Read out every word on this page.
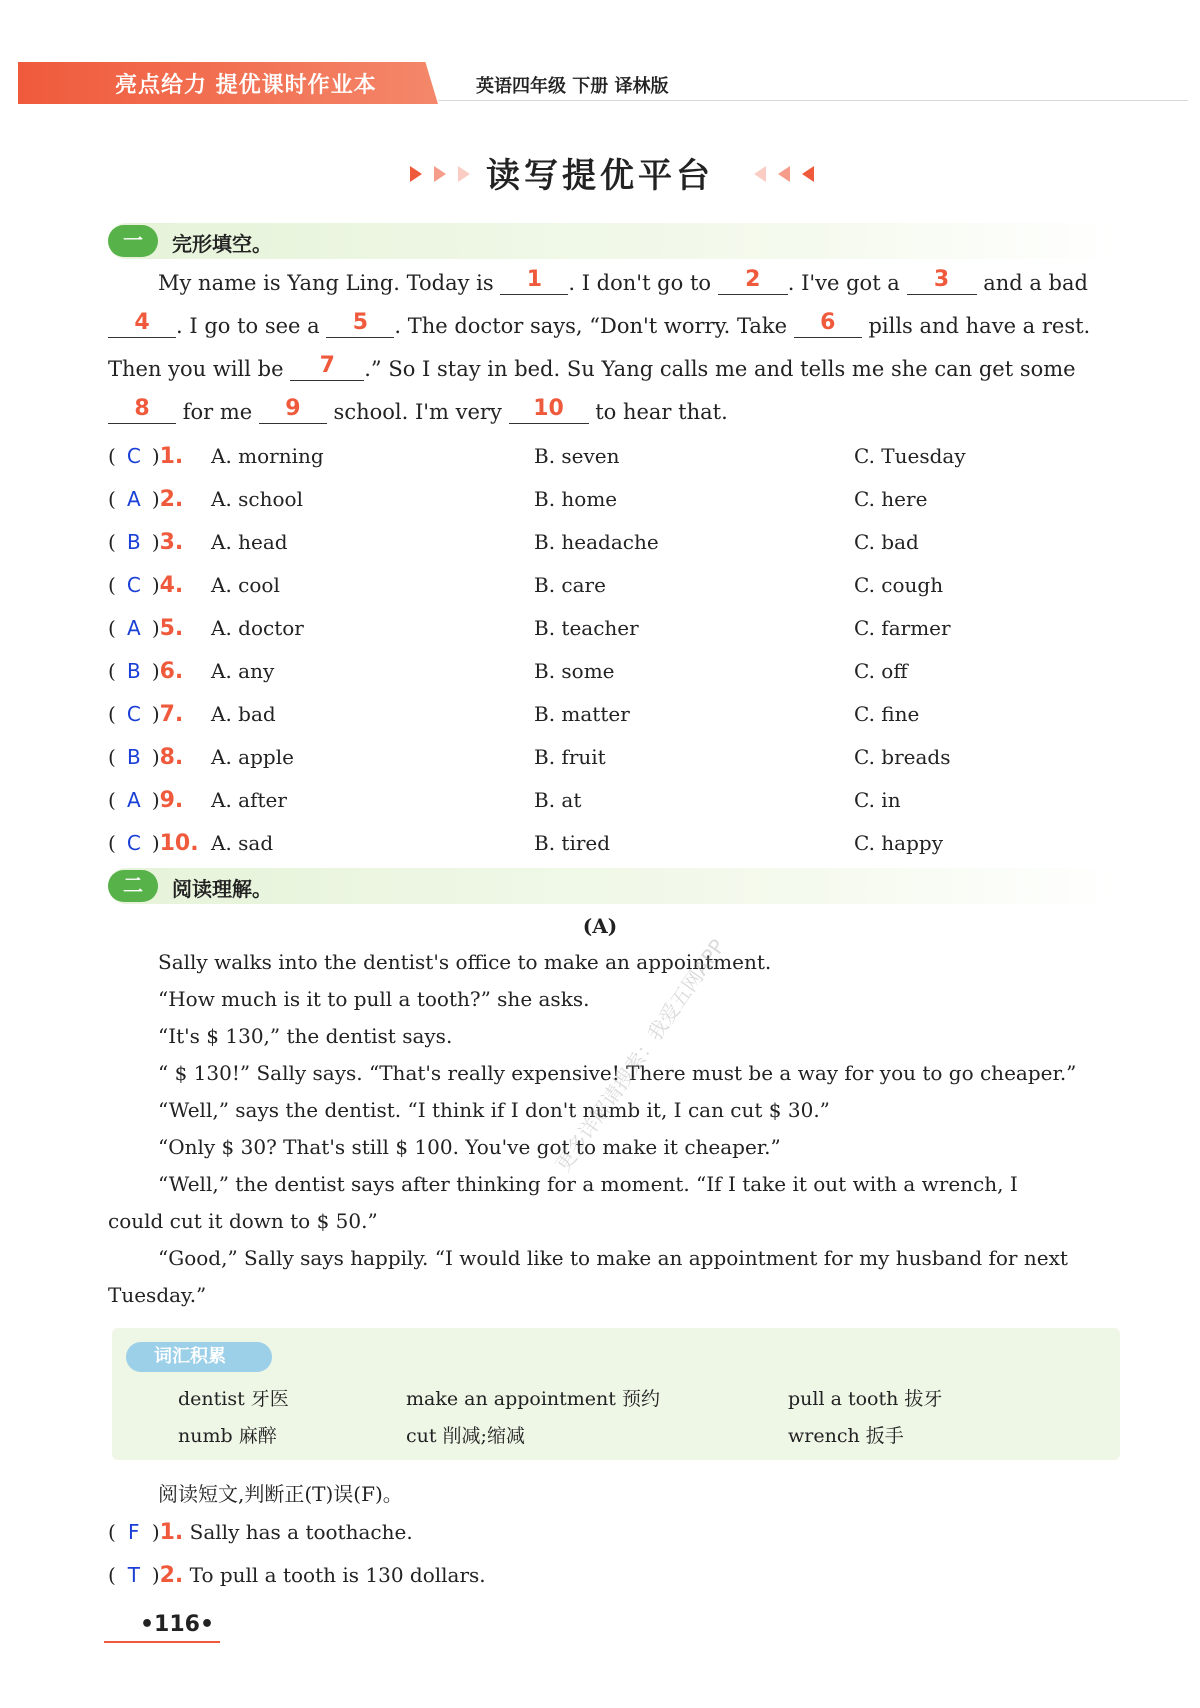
亮点给力 提优课时作业本	英语四年级 下册 译林版
读写提优平台
一	完形填空。
My name is Yang Ling. Today is	1	. I don't go to	2	. I've got a	3	and a bad
4	. I go to see a	5	. The doctor says, “Don't worry. Take	6	pills and have a rest.
Then you will be	7	.” So I stay in bed. Su Yang calls me and tells me she can get some
8	for me	9	school. I'm very	10	to hear that.
( C )1. A. morning	B. seven	C. Tuesday
( A )2. A. school	B. home	C. here
( B )3. A. head	B. headache	C. bad
( C )4. A. cool	B. care	C. cough
( A )5. A. doctor	B. teacher	C. farmer
( B )6. A. any	B. some	C. off
( C )7. A. bad	B. matter	C. fine
( B )8. A. apple	B. fruit	C. breads
( A )9. A. after	B. at	C. in
( C )10. A. sad	B. tired	C. happy
二	阅读理解。
(A)
Sally walks into the dentist's office to make an appointment.
“How much is it to pull a tooth?” she asks.
“It's $ 130,” the dentist says.
“ $ 130!” Sally says. “That's really expensive! There must be a way for you to go cheaper.”
“Well,” says the dentist. “I think if I don't numb it, I can cut $ 30.”
“Only $ 30? That's still $ 100. You've got to make it cheaper.”
“Well,” the dentist says after thinking for a moment. “If I take it out with a wrench, I
could cut it down to $ 50.”
“Good,” Sally says happily. “I would like to make an appointment for my husband for next
Tuesday.”
更多详解请搜索：我爱五网APP
词汇积累
dentist 牙医	make an appointment 预约	pull a tooth 拔牙
numb 麻醉	cut 削减;缩减	wrench 扳手
阅读短文,判断正(T)误(F)。
( F )1. Sally has a toothache.
( T )2. To pull a tooth is 130 dollars.
•116•
